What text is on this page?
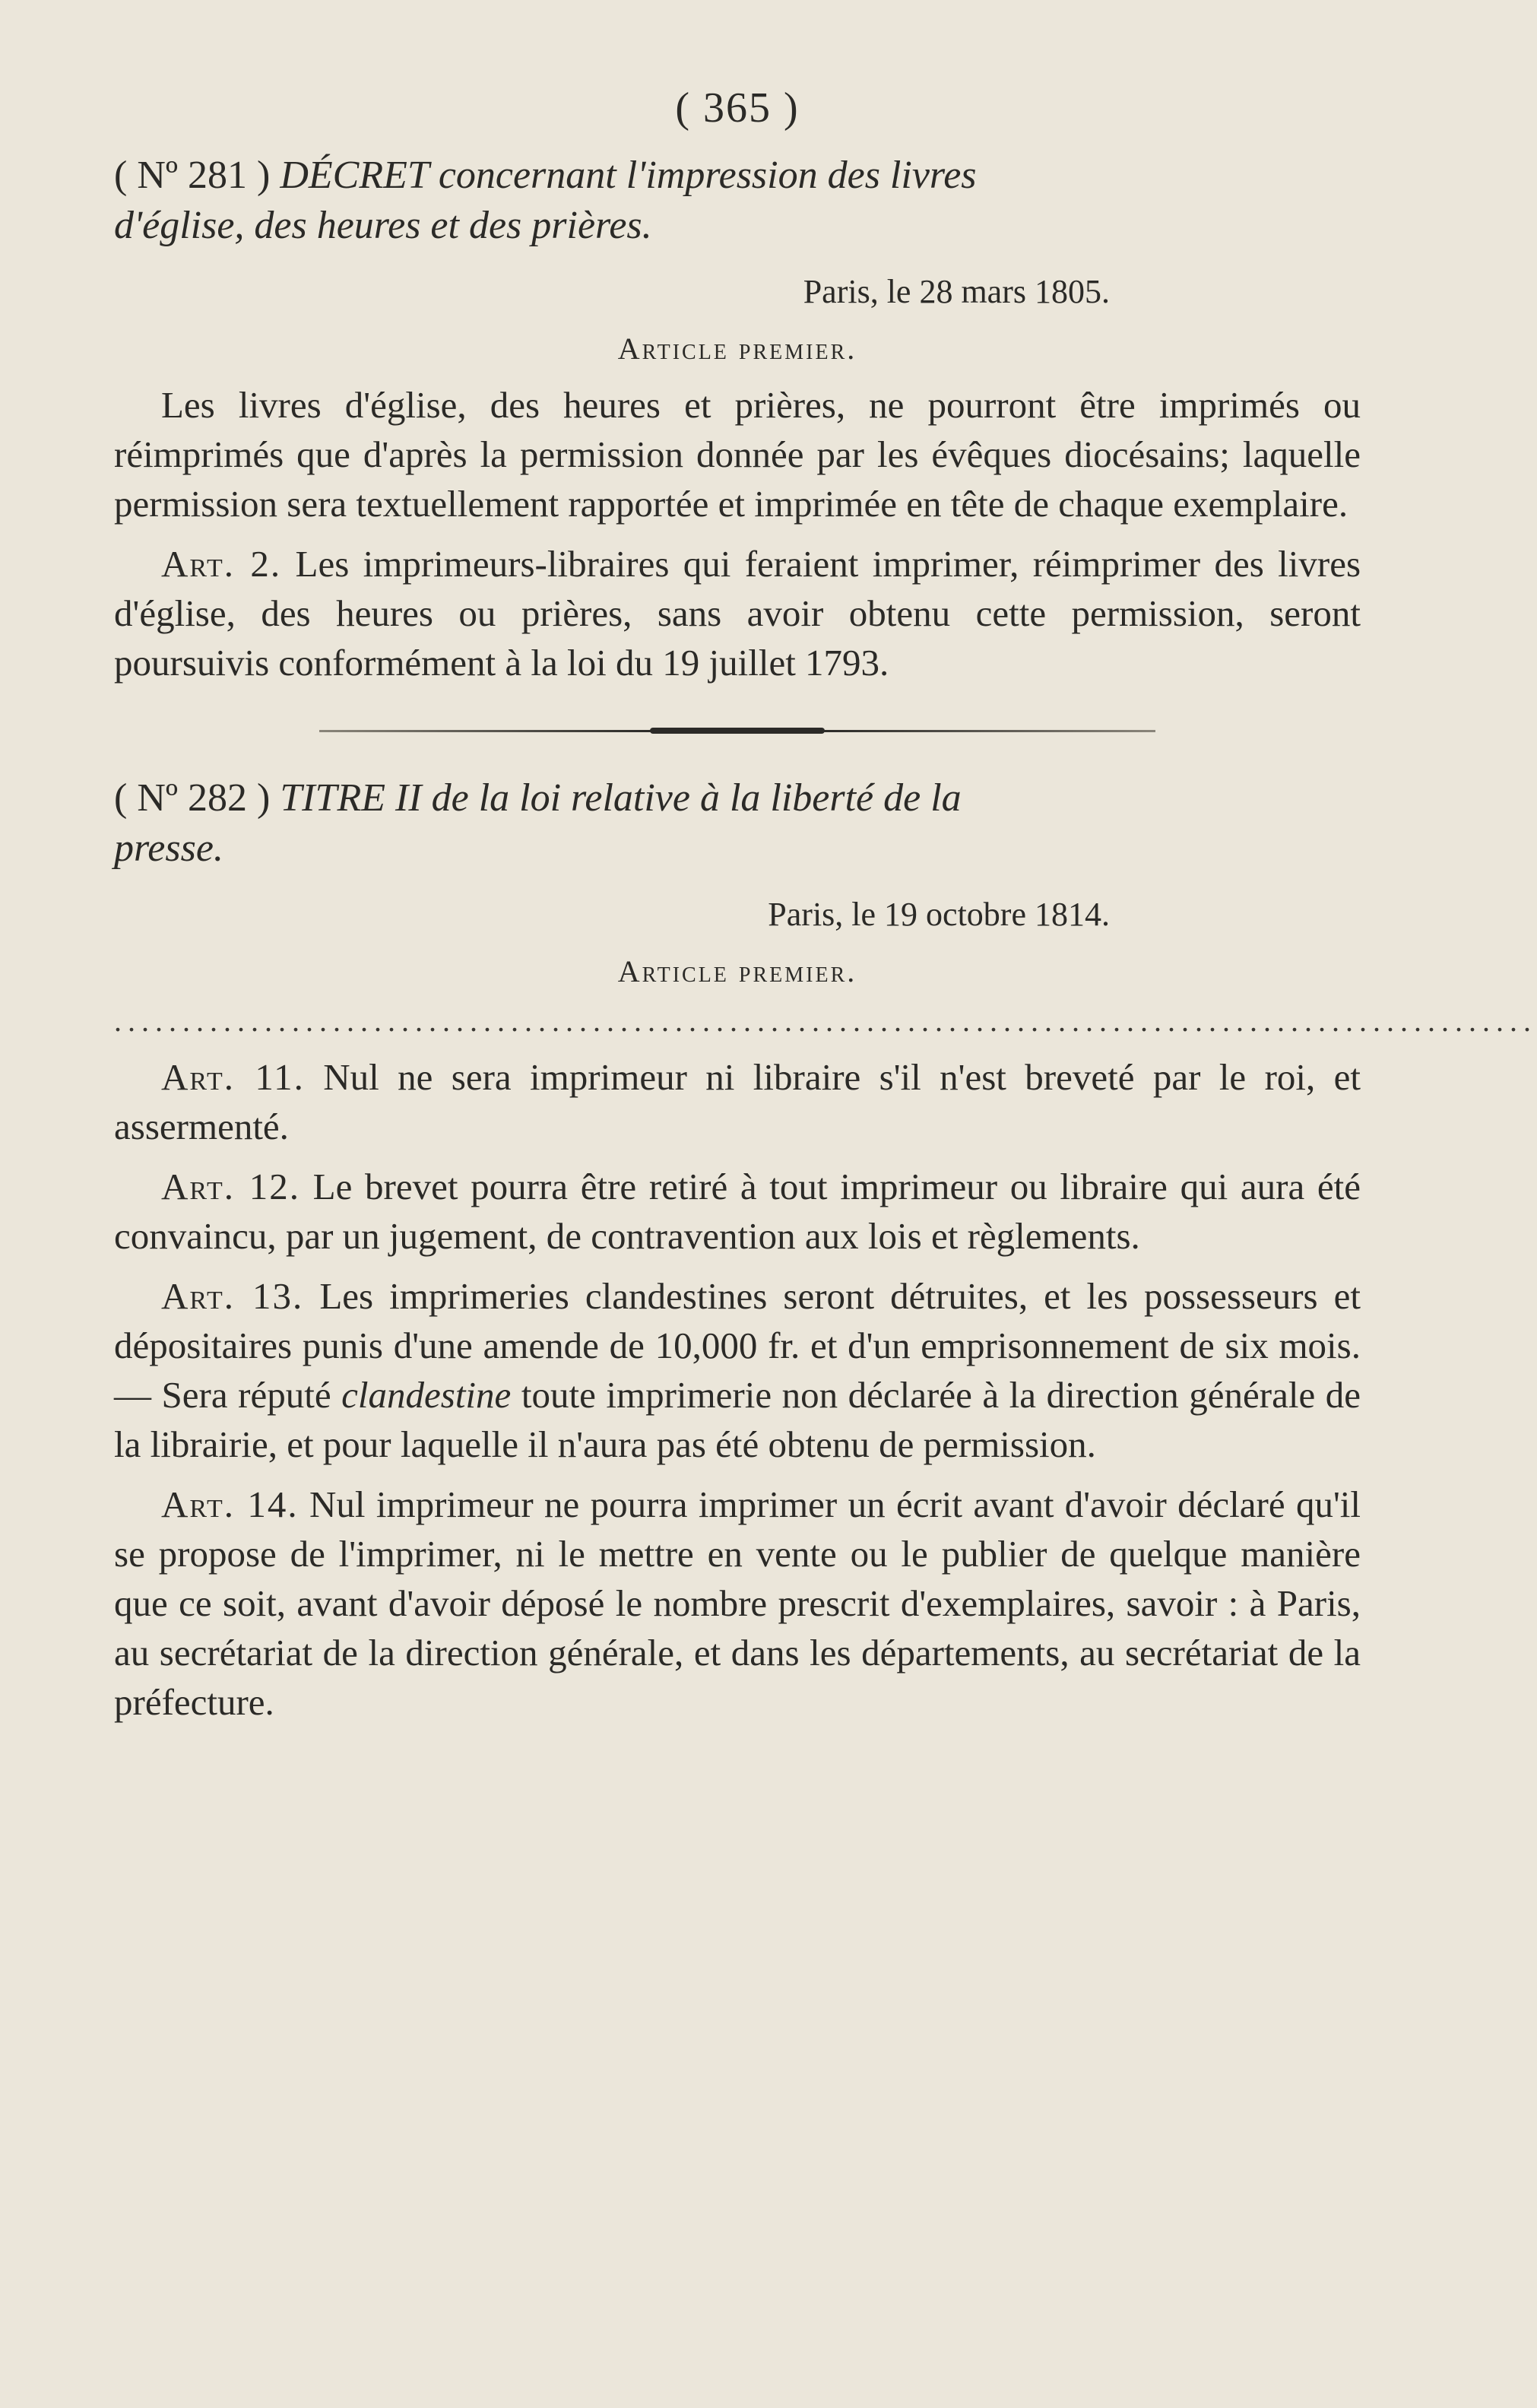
( 365 )
( Nº 281 ) DÉCRET concernant l'impression des livres
d'église, des heures et des prières.
Paris, le 28 mars 1805.
Article premier.

Les livres d'église, des heures et prières, ne pourront être imprimés ou réimprimés que d'après la permission donnée par les évêques diocésains; laquelle permission sera textuellement rapportée et imprimée en tête de chaque exemplaire.

Art. 2. Les imprimeurs-libraires qui feraient imprimer, réimprimer des livres d'église, des heures ou prières, sans avoir obtenu cette permission, seront poursuivis conformément à la loi du 19 juillet 1793.

( Nº 282 ) TITRE II de la loi relative à la liberté de la
presse.
Paris, le 19 octobre 1814.
Article premier.
........................................................................................................

Art. 11. Nul ne sera imprimeur ni libraire s'il n'est breveté par le roi, et assermenté.

Art. 12. Le brevet pourra être retiré à tout imprimeur ou libraire qui aura été convaincu, par un jugement, de contravention aux lois et règlements.

Art. 13. Les imprimeries clandestines seront détruites, et les possesseurs et dépositaires punis d'une amende de 10,000 fr. et d'un emprisonnement de six mois. — Sera réputé clandestine toute imprimerie non déclarée à la direction générale de la librairie, et pour laquelle il n'aura pas été obtenu de permission.

Art. 14. Nul imprimeur ne pourra imprimer un écrit avant d'avoir déclaré qu'il se propose de l'imprimer, ni le mettre en vente ou le publier de quelque manière que ce soit, avant d'avoir déposé le nombre prescrit d'exemplaires, savoir : à Paris, au secrétariat de la direction générale, et dans les départements, au secrétariat de la préfecture.
